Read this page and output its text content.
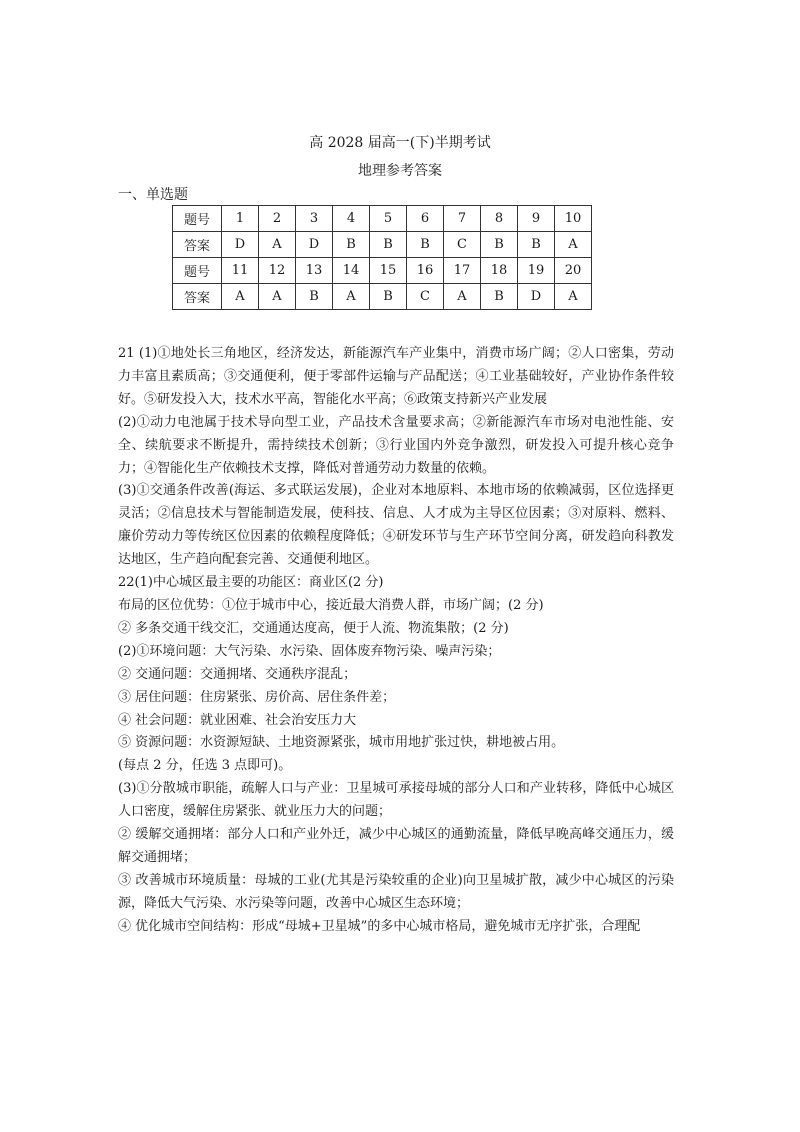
高 2028 届高一(下)半期考试
地理参考答案
一、单选题
题号	1	2	3	4	5	6	7	8	9	10
答案	D	A	D	B	B	B	C	B	B	A
题号	11	12	13	14	15	16	17	18	19	20
答案	A	A	B	A	B	C	A	B	D	A

21 (1)①地处长三角地区，经济发达，新能源汽车产业集中，消费市场广阔；②人口密集，劳动力丰富且素质高；③交通便利，便于零部件运输与产品配送；④工业基础较好，产业协作条件较好。⑤研发投入大，技术水平高，智能化水平高；⑥政策支持新兴产业发展

(2)①动力电池属于技术导向型工业，产品技术含量要求高；②新能源汽车市场对电池性能、安全、续航要求不断提升，需持续技术创新；③行业国内外竞争激烈，研发投入可提升核心竞争力；④智能化生产依赖技术支撑，降低对普通劳动力数量的依赖。

(3)①交通条件改善(海运、多式联运发展)，企业对本地原料、本地市场的依赖减弱，区位选择更灵活；②信息技术与智能制造发展，使科技、信息、人才成为主导区位因素；③对原料、燃料、廉价劳动力等传统区位因素的依赖程度降低；④研发环节与生产环节空间分离，研发趋向科教发达地区，生产趋向配套完善、交通便利地区。

22(1)中心城区最主要的功能区：商业区(2 分)

布局的区位优势：①位于城市中心，接近最大消费人群，市场广阔；(2 分)

② 多条交通干线交汇，交通通达度高，便于人流、物流集散；(2 分)

(2)①环境问题：大气污染、水污染、固体废弃物污染、噪声污染；

② 交通问题：交通拥堵、交通秩序混乱；

③ 居住问题：住房紧张、房价高、居住条件差；

④ 社会问题：就业困难、社会治安压力大

⑤ 资源问题：水资源短缺、土地资源紧张，城市用地扩张过快，耕地被占用。

(每点 2 分，任选 3 点即可)。

(3)①分散城市职能，疏解人口与产业：卫星城可承接母城的部分人口和产业转移，降低中心城区人口密度，缓解住房紧张、就业压力大的问题；

② 缓解交通拥堵：部分人口和产业外迁，减少中心城区的通勤流量，降低早晚高峰交通压力，缓解交通拥堵；

③ 改善城市环境质量：母城的工业(尤其是污染较重的企业)向卫星城扩散，减少中心城区的污染源，降低大气污染、水污染等问题，改善中心城区生态环境；

④ 优化城市空间结构：形成“母城+卫星城”的多中心城市格局，避免城市无序扩张，合理配
